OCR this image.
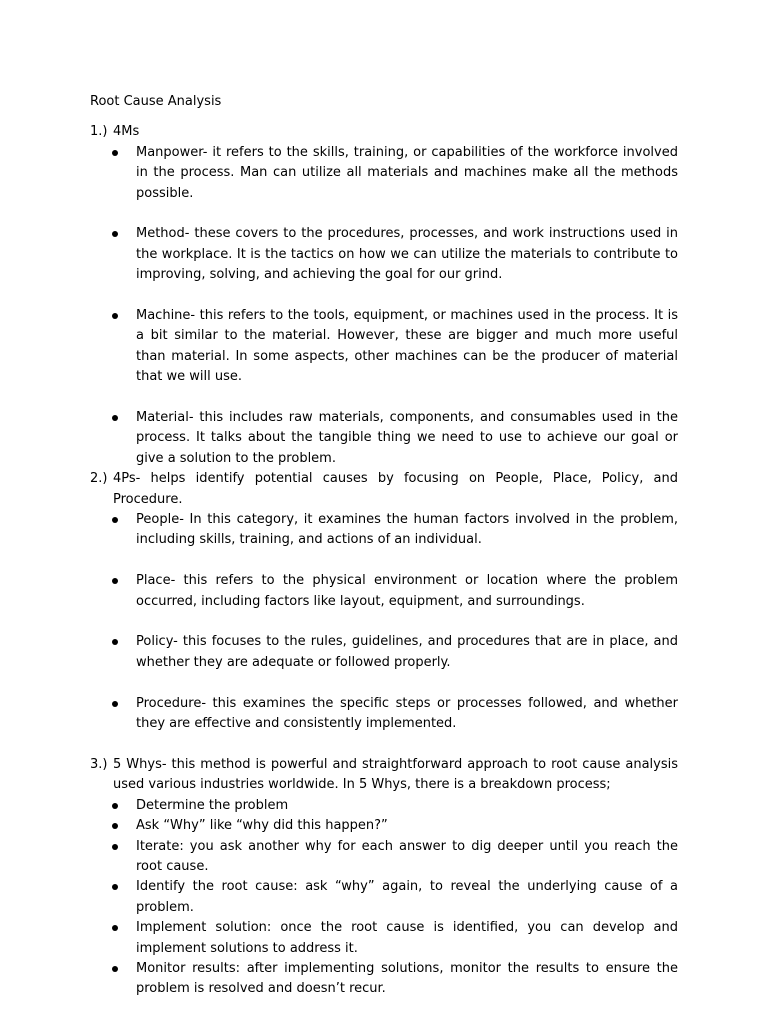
Root Cause Analysis
1.) 4Ms
Manpower- it refers to the skills, training, or capabilities of the workforce involved in the process. Man can utilize all materials and machines make all the methods possible.
Method- these covers to the procedures, processes, and work instructions used in the workplace. It is the tactics on how we can utilize the materials to contribute to improving, solving, and achieving the goal for our grind.
Machine- this refers to the tools, equipment, or machines used in the process. It is a bit similar to the material. However, these are bigger and much more useful than material. In some aspects, other machines can be the producer of material that we will use.
Material- this includes raw materials, components, and consumables used in the process. It talks about the tangible thing we need to use to achieve our goal or give a solution to the problem.
2.) 4Ps- helps identify potential causes by focusing on People, Place, Policy, and Procedure.
People- In this category, it examines the human factors involved in the problem, including skills, training, and actions of an individual.
Place- this refers to the physical environment or location where the problem occurred, including factors like layout, equipment, and surroundings.
Policy- this focuses to the rules, guidelines, and procedures that are in place, and whether they are adequate or followed properly.
Procedure- this examines the specific steps or processes followed, and whether they are effective and consistently implemented.
3.) 5 Whys- this method is powerful and straightforward approach to root cause analysis used various industries worldwide. In 5 Whys, there is a breakdown process;
Determine the problem
Ask “Why” like “why did this happen?”
Iterate: you ask another why for each answer to dig deeper until you reach the root cause.
Identify the root cause: ask “why” again, to reveal the underlying cause of a problem.
Implement solution: once the root cause is identified, you can develop and implement solutions to address it.
Monitor results: after implementing solutions, monitor the results to ensure the problem is resolved and doesn’t recur.
